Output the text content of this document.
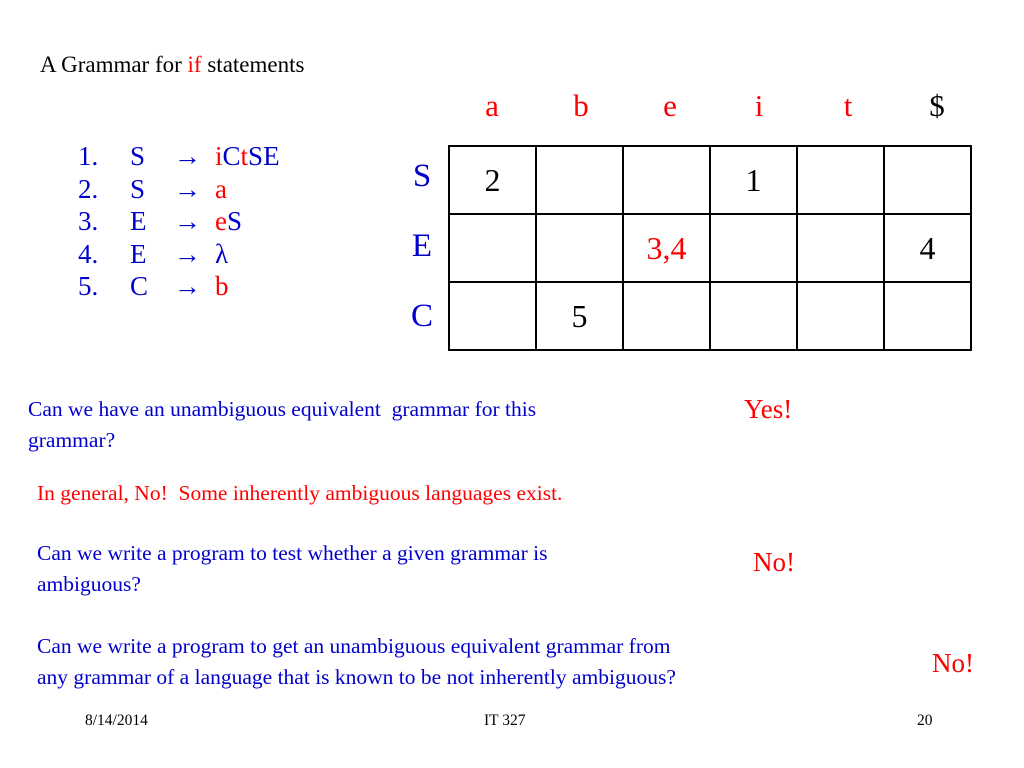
A Grammar for if statements
1. S → iCtSE
2. S → a
3. E → eS
4. E → λ
5. C → b
a	b	e	i	t	$
S
E
C
2			1		
		3,4			4
	5				
Can we have an unambiguous equivalent  grammar for this
grammar?
Yes!
In general, No!  Some inherently ambiguous languages exist.
Can we write a program to test whether a given grammar is
ambiguous?
No!
Can we write a program to get an unambiguous equivalent grammar from
any grammar of a language that is known to be not inherently ambiguous?	No!
8/14/2014	IT 327	20
